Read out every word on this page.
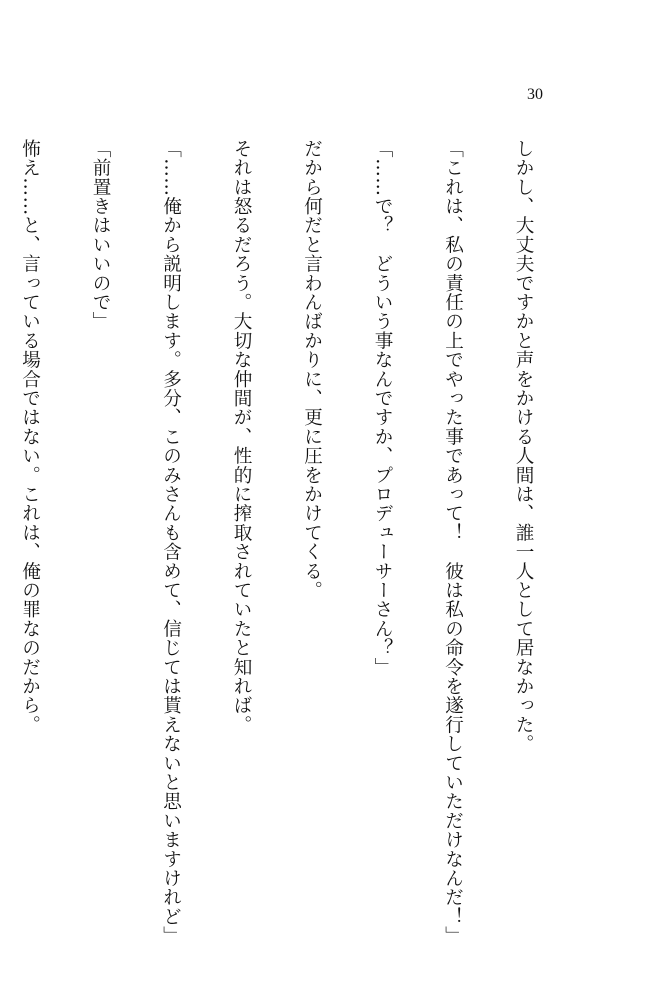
30

しかし、大丈夫ですかと声をかける人間は、誰一人として居なかった。

「これは、私の責任の上でやった事であって！　彼は私の命令を遂行していただけなんだ！」

「……で？　どういう事なんですか、プロデューサーさん？」

だから何だと言わんばかりに、更に圧をかけてくる。

それは怒るだろう。大切な仲間が、性的に搾取されていたと知れば。

「……俺から説明します。多分、このみさんも含めて、信じては貰えないと思いますけれど」

「前置きはいいので」

怖え……と、言っている場合ではない。これは、俺の罪なのだから。
